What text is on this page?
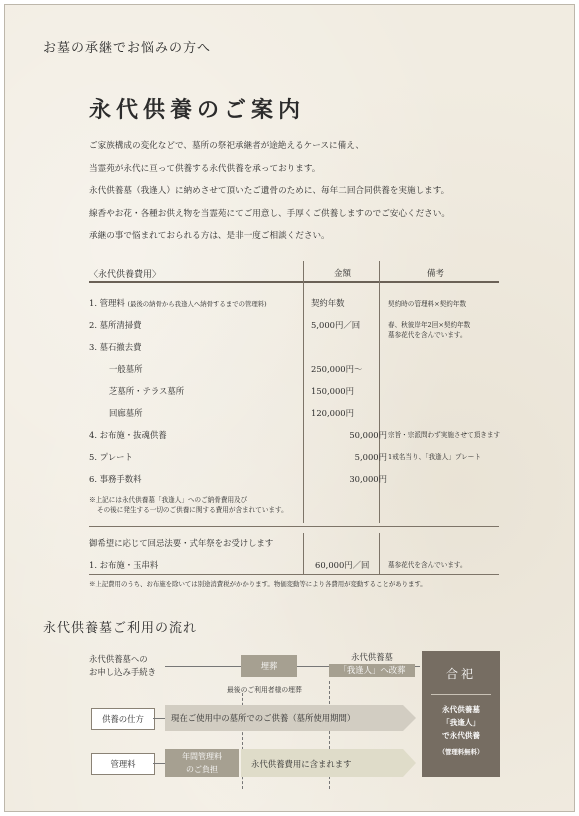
お墓の承継でお悩みの方へ
永代供養のご案内
ご家族構成の変化などで、墓所の祭祀承継者が途絶えるケースに備え、
当霊苑が永代に亘って供養する永代供養を承っております。
永代供養墓（我逢人）に納めさせて頂いたご遺骨のために、毎年二回合同供養を実施します。
線香やお花・各種お供え物を当霊苑にてご用意し、手厚くご供養しますのでご安心ください。
承継の事で悩まれておられる方は、是非一度ご相談ください。
〈永代供養費用〉	金額	備考
1. 管理料 (最後の納骨から我逢人へ納骨するまでの管理料)	契約年数	契約時の管理料×契約年数
2. 墓所清掃費	5,000円／回	春、秋彼岸年2回×契約年数
墓参花代を含んでいます。
3. 墓石撤去費
一般墓所	250,000円～
芝墓所・テラス墓所	150,000円
回廊墓所	120,000円
4. お布施・抜魂供養	50,000円 宗旨・宗派問わず実施させて頂きます
5. プレート	5,000円 1戒名当り、「我逢人」プレート
6. 事務手数料	30,000円
※上記には永代供養墓「我逢人」へのご納骨費用及び
その後に発生する一切のご供養に関する費用が含まれています。
御希望に応じて回忌法要・式年祭をお受けします
1. お布施・玉串料	60,000円／回	墓参花代を含んでいます。
※上記費用のうち、お布施を除いては別途消費税がかかります。物価変動等により各費用が変動することがあります。
永代供養墓ご利用の流れ
永代供養墓への
お申し込み手続き
埋葬
永代供養墓
「我逢人」へ改葬
最後のご利用者様の埋葬
供養の仕方	現在ご使用中の墓所でのご供養（墓所使用期間）
管理料
年間管理料
のご負担
永代供養費用に含まれます
合祀
永代供養墓
「我逢人」
で永代供養
（管理料無料）
